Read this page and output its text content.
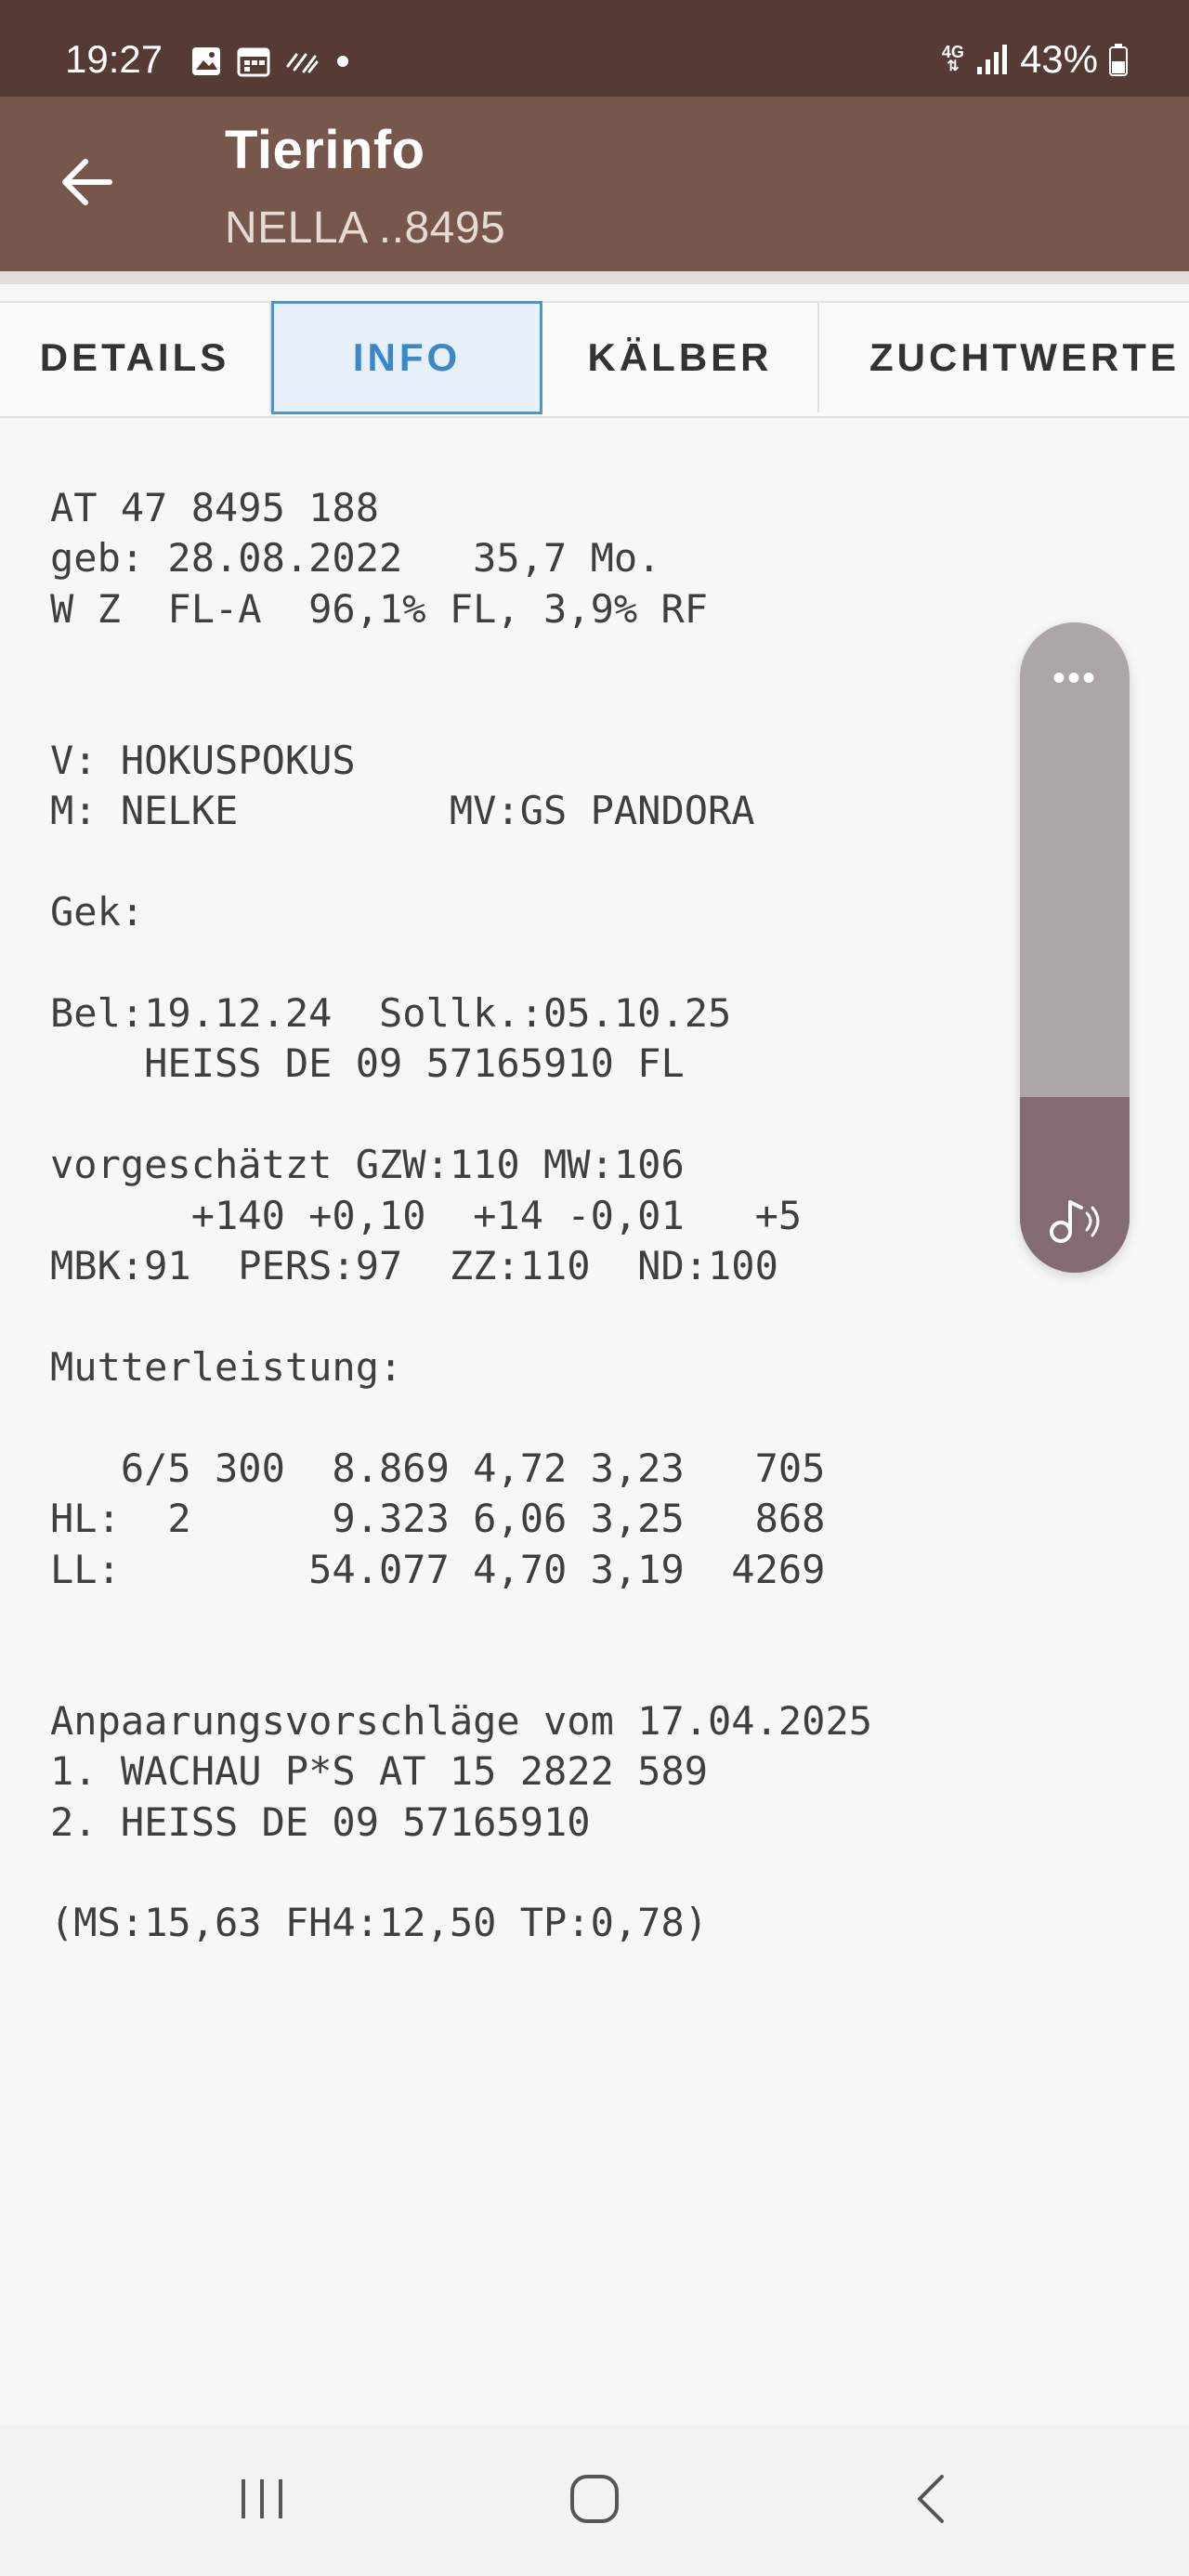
19:27	4G
⇅ 43%
Tierinfo
NELLA ..8495
DETAILS	INFO	KÄLBER	ZUCHTWERTE
AT 47 8495 188
geb: 28.08.2022   35,7 Mo.
W Z  FL-A  96,1% FL, 3,9% RF

V: HOKUSPOKUS
M: NELKE         MV:GS PANDORA

Gek:

Bel:19.12.24  Sollk.:05.10.25
HEISS DE 09 57165910 FL

vorgeschätzt GZW:110 MW:106
+140 +0,10  +14 -0,01   +5
MBK:91  PERS:97  ZZ:110  ND:100

Mutterleistung:

6/5 300  8.869 4,72 3,23   705
HL:  2      9.323 6,06 3,25   868
LL:        54.077 4,70 3,19  4269

Anpaarungsvorschläge vom 17.04.2025
1. WACHAU P*S AT 15 2822 589
2. HEISS DE 09 57165910

(MS:15,63 FH4:12,50 TP:0,78)
•••
